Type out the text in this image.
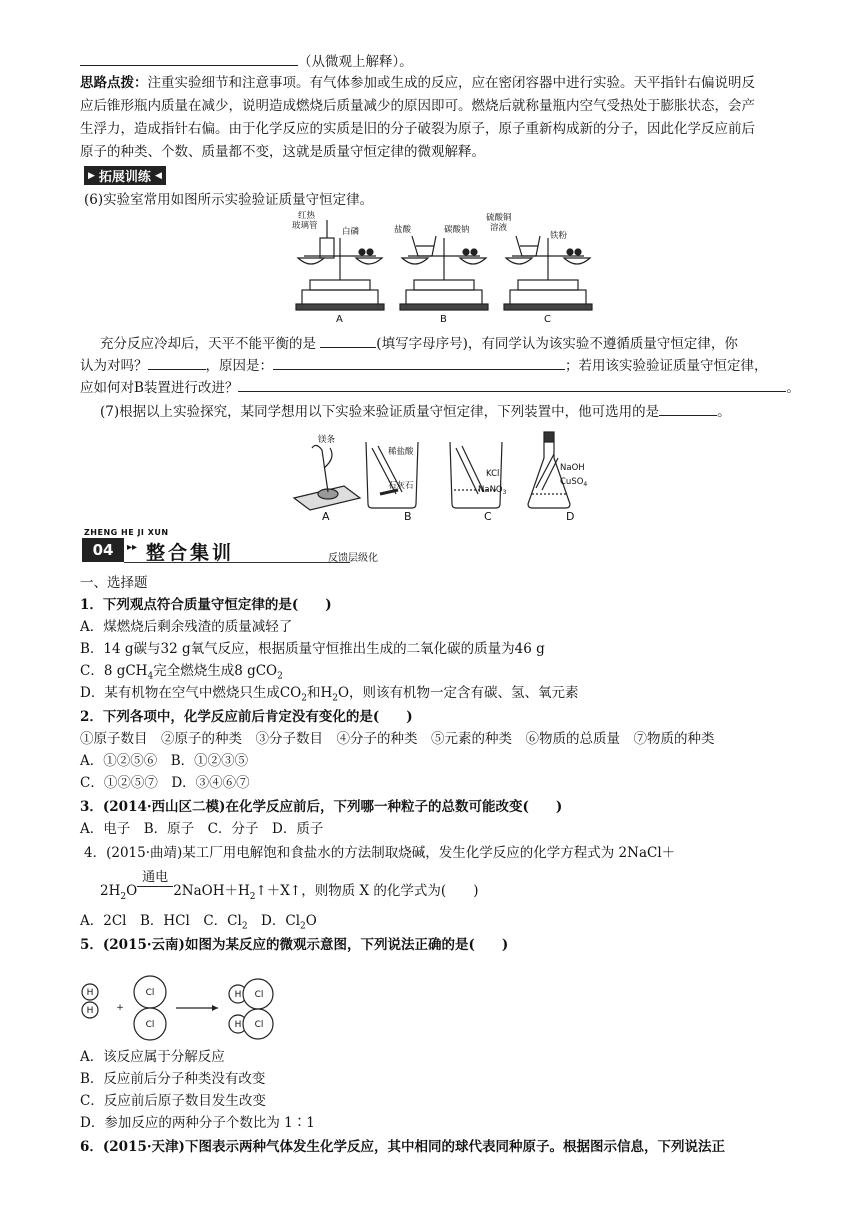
（从微观上解释）。
思路点拨：注重实验细节和注意事项。有气体参加或生成的反应，应在密闭容器中进行实验。天平指针右偏说明反
应后锥形瓶内质量在减少，说明造成燃烧后质量减少的原因即可。燃烧后就称量瓶内空气受热处于膨胀状态，会产
生浮力，造成指针右偏。由于化学反应的实质是旧的分子破裂为原子，原子重新构成新的分子，因此化学反应前后
原子的种类、个数、质量都不变，这就是质量守恒定律的微观解释。
▶ 拓展训练 ◀
(6)实验室常用如图所示实验验证质量守恒定律。
红热
玻璃管
白磷	盐酸	碳酸钠
硫酸铜
溶液
铁粉
A	B	C
充分反应冷却后，天平不能平衡的是	(填写字母序号)，有同学认为该实验不遵循质量守恒定律，你
认为对吗？	，原因是：	；若用该实验验证质量守恒定律，
应如何对B装置进行改进？	。
(7)根据以上实验探究，某同学想用以下实验来验证质量守恒定律，下列装置中，他可选用的是	。
镁条
稀盐酸
石灰石
KCl
NaNO$_3$
NaOH
CuSO$_4$
A	B	C	D
ZHENG HE JI XUN
04	▸▸ 整合集训	反馈层级化
一、选择题
1．下列观点符合质量守恒定律的是(　　)
A．煤燃烧后剩余残渣的质量减轻了
B．14 g碳与32 g氧气反应，根据质量守恒推出生成的二氧化碳的质量为46 g
C．8 gCH$_4$完全燃烧生成8 gCO$_2$
D．某有机物在空气中燃烧只生成$CO_2$和$H_2O$，则该有机物一定含有碳、氢、氧元素
2．下列各项中，化学反应前后肯定没有变化的是(　　)
①原子数目　②原子的种类　③分子数目　④分子的种类　⑤元素的种类　⑥物质的总质量　⑦物质的种类
A．①②⑤⑥　B．①②③⑤
C．①②⑤⑦　D．③④⑥⑦
3．(2014·西山区二模)在化学反应前后，下列哪一种粒子的总数可能改变(　　)
A．电子　B．原子　C．分子　D．质子
4．(2015·曲靖)某工厂用电解饱和食盐水的方法制取烧碱，发生化学反应的化学方程式为 2NaCl＋
$2H_2O$
通电
$2NaOH+H_2↑+X↑$，则物质 X 的化学式为(　　)
A．2Cl　B．HCl　C．$Cl_2$　D．$Cl_2O$
5．(2015·云南)如图为某反应的微观示意图，下列说法正确的是(　　)
H
H	+
Cl
Cl
H Cl
H Cl
A．该反应属于分解反应
B．反应前后分子种类没有改变
C．反应前后原子数目发生改变
D．参加反应的两种分子个数比为 1∶1
6．(2015·天津)下图表示两种气体发生化学反应，其中相同的球代表同种原子。根据图示信息，下列说法正
